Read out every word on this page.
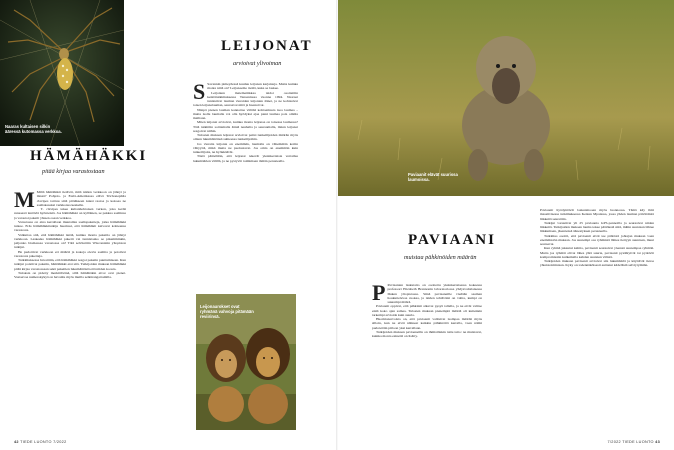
Naaras kultaisen silkin ääressä kutomassa verkkoa.
HÄMÄHÄKKI
pitää kirjaa varastostaan

M Miltä hämähäkit tietävät, mitä niiden verkkoon on jäänyt ja missä? Pohjois- ja Etelä-Amerikassa elävä Trichonephila clavipes tarttuu siitä pitääkseen kaksi raatoa ja kokoaa ne saaliskasaksi verkkonsa keskelle.

T. clavipes tekee kultanhohtoisen verkon, joka kerää runsaasti lentäviä hyönteisiä. Jos hämähäkki on kylläinen, se pakkaa saaliinsa ja varastoi paketit yhteen osaan verkkoa.

Varastossa on aina kerrallaan muutamia saalispaketteja, jotka hämähäkki tuntee. Eräs hämähäkkitutkija huomasi, että hämähäkit kaivavat kohteensa varastosta.

Valkuttaa sitä, että hämähäkki tietää, kuinka monta pakettia on jäänyt verkkoon. Laskeeko hämähäkki paketit vai tunnistaako se pikemminkin, paljonko biomassaa varastossa on? Tätä selvitettiin Wisconsinin yliopiston tutkijat.

He pudottivat verkkoon eri määriä ja kokoja olevia saaliita ja poistivat varastosta paketteja.

Tutkimuksessa havaittiin, että hämähäkki reagoi paketin puuttumiseen. Kun tutkijat poistivat paketin, hämähäkki etsi sitä. Tutkijoiden mukaan hämähäkki pitää kirjaa varastossaan sekä pakettien lukumäärästä että niiden koosta.

Tuloksia on pidetty merkittävänä, sillä hämähäkin aivot ovat pienet. Vastaavaa numerokykyä on havaittu myös muilla selkärangattomilla.

LEIJONAT
arvioivat ylivoiman

S Savannin pimeydessä kuuluu leijonan karjaisuja. Mutta kuinka monta niitä on? Leijonaemo tietää, kuka se laskee.

Leijonien matematiikkaa taidot osoitettiin kenttätutkimuksessa Tansaniassa vuonna 1994. Naaraat tunnistivat lauman vieraiden leijonien äänet, ja ne kohtasivat toisen leijonalauman, seuraavat niitä ja haastoivat.

Niinpä pienen lauman kannattaa välttää kohtaamasta isoa laumaa – mutta isolle laumalle voi olla hyödyksi ajaa pieni laumaa pois omilta mailtaan.

Miten leijonat arvioivat, kuinka monta leijonaa on toisessa laumassa? Tätä tutkittiin soittamalla ääniä nauhalta ja seuraamalla, miten leijonat reagoivat niihin.

Tulosten mukaan leijonat arvioivat paitsi tunkeilijoiden määrän myös omien lukumääränsä suhteessa tunkeilijoihin.

Jos vieraita leijonia on enemmän, laumalla on vähemmän kotiin vähyyttä, mikä mutta ne puolustavat. Jos omia on enemmän kuin tunkeilijoita, ne hyökkäävät.

Tästä päätellään, että leijonat tekevät yksinkertaista vertailua lukumäärien välillä, ja ne pystyvät toimimaan tämän perusteella.

Leijonaurokset ovat ryhmänä vahvoja pitämään reviirinsä.
42 TIEDE LUONTO 7/2022
Paviaanit elävät suurissa laumoissa.
PAVIAANI
muistaa pähkinöiden määrän

P Paviaanien laskutaito on osoitettu yksinkertaisessa kokeessa professori Elizabeth Brannonin laboratoriossa yhdysvaltalaisessa Duken yliopistossa. Siinä paviaaneille viedään saaman houkuttelevaa ruokaa, ja niiden tehtävänä on valita, kumpi on suurempi määrä.

Paviaanit oppivat, että pähkinät alkavat pysyä tallella, ja ne eivät valitse enää koko ajan samaa. Tulosten mukaan pienempiä määriä oli kuitenkin tarkempi arvioida kuin suuria.

Huomionarvoista on, että paviaanit valitsivat isompaa määrää myös silloin, kun ne eivät nähneet kaikkia pähkinöitä kerralla, vaan nämä pudotettiin piiloon yksi kerrallaan.

Tutkijoiden mukaan paviaaneilla on ihmisillekin tuttu taito: ne muistavat, kuinka monta esinettä on lisätty.

Paviaanit hyödyntävät laskutaitoaan myös luonnossa. Tämä käy ilmi massiivisessa tutkimuksessa Kenian Mpalassa, jossa yhden lauman päivittäisiä liikkeitä seurattiin.

Tutkijat varustivat yli 25 paviaania GPS-pannoilla ja seurasivat niiden liikkeitä. Tutkijoiden mukaan lauma tekee päätöksiä siitä, mihin suuntaan lähtee liikkumaan, jäsentensä äänestyksen perusteella.

Tutkimus osoitti, että paviaanit eivät tee päätöstä johtajan mukaan vaan enemmistön mukaan. Jos suurempi osa ryhmästä lähtee tiettyyn suuntaan, muut seuraavat.

Kun ryhmä jakautui kahtia, paviaanit seurasivat yleensä suurempaa ryhmää. Mutta jos ryhmät olivat lähes yhtä suuria, paviaanit pysähtyivät tai pyrkivät kompromissiin kulkemalla kahden suunnan välistä.

Tutkijoiden mukaan paviaanit arvioivat siis lukumääriä ja käyttävät tietoa yhteistoimintaan. Kyky on todennäköisesti auttanut kädellisiä selviytymään.

7/2022 TIEDE LUONTO 43
